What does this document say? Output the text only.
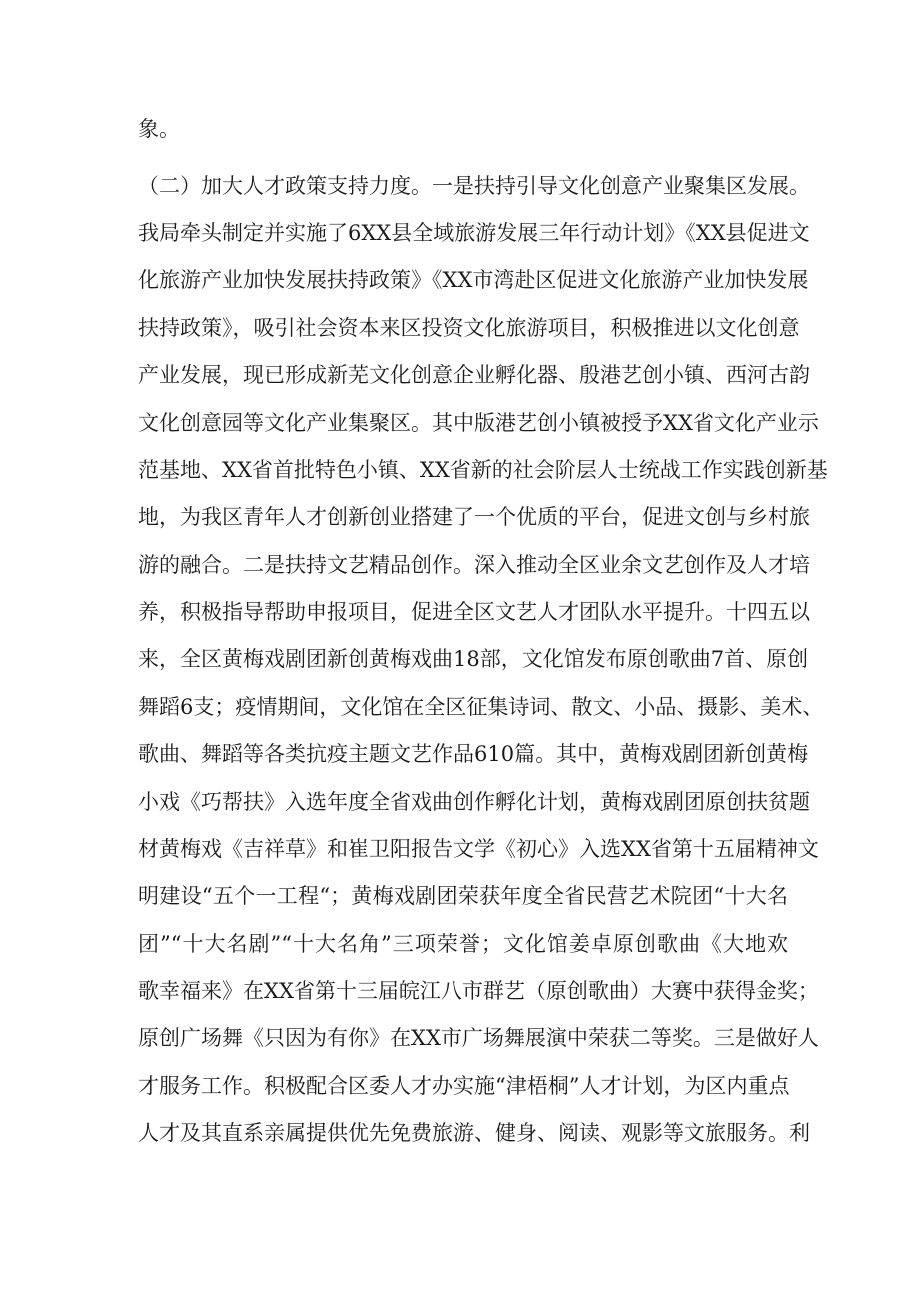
象。
（二）加大人才政策支持力度。一是扶持引导文化创意产业聚集区发展。
我局牵头制定并实施了6XX县全域旅游发展三年行动计划》《XX县促进文
化旅游产业加快发展扶持政策》《XX市湾赴区促进文化旅游产业加快发展
扶持政策》，吸引社会资本来区投资文化旅游项目，积极推进以文化创意
产业发展，现已形成新芜文化创意企业孵化器、殷港艺创小镇、西河古韵
文化创意园等文化产业集聚区。其中版港艺创小镇被授予XX省文化产业示
范基地、XX省首批特色小镇、XX省新的社会阶层人士统战工作实践创新基
地，为我区青年人才创新创业搭建了一个优质的平台，促进文创与乡村旅
游的融合。二是扶持文艺精品创作。深入推动全区业余文艺创作及人才培
养，积极指导帮助申报项目，促进全区文艺人才团队水平提升。十四五以
来，全区黄梅戏剧团新创黄梅戏曲18部，文化馆发布原创歌曲7首、原创
舞蹈6支；疫情期间，文化馆在全区征集诗词、散文、小品、摄影、美术、
歌曲、舞蹈等各类抗疫主题文艺作品610篇。其中，黄梅戏剧团新创黄梅
小戏《巧帮扶》入选年度全省戏曲创作孵化计划，黄梅戏剧团原创扶贫题
材黄梅戏《吉祥草》和崔卫阳报告文学《初心》入选XX省第十五届精神文
明建设“五个一工程“；黄梅戏剧团荣获年度全省民营艺术院团“十大名
团”“十大名剧”“十大名角”三项荣誉；文化馆姜卓原创歌曲《大地欢
歌幸福来》在XX省第十三届皖江八市群艺（原创歌曲）大赛中获得金奖；
原创广场舞《只因为有你》在XX市广场舞展演中荣获二等奖。三是做好人
才服务工作。积极配合区委人才办实施“津梧桐”人才计划，为区内重点
人才及其直系亲属提供优先免费旅游、健身、阅读、观影等文旅服务。利
